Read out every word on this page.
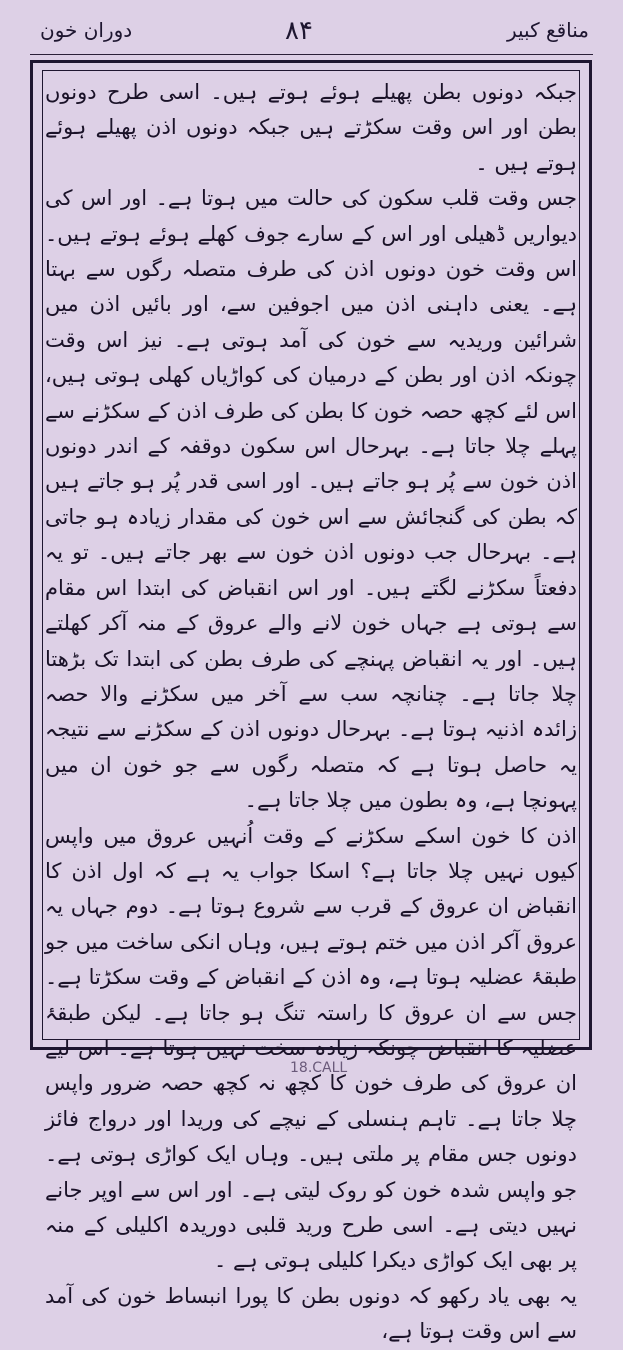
مناقع کبیر
۸۴
دوران خون

جبکہ دونوں بطن پھیلے ہوئے ہوتے ہیں۔ اسی طرح دونوں بطن اور اس وقت سکڑتے ہیں جبکہ دونوں اذن پھیلے ہوئے ہوتے ہیں ۔

جس وقت قلب سکون کی حالت میں ہوتا ہے۔ اور اس کی دیواریں ڈھیلی اور اس کے سارے جوف کھلے ہوئے ہوتے ہیں۔ اس وقت خون دونوں اذن کی طرف متصلہ رگوں سے بہتا ہے۔ یعنی داہنی اذن میں اجوفین سے، اور بائیں اذن میں شرائین وریدیہ سے خون کی آمد ہوتی ہے۔ نیز اس وقت چونکہ اذن اور بطن کے درمیان کی کواڑیاں کھلی ہوتی ہیں، اس لئے کچھ حصہ خون کا بطن کی طرف اذن کے سکڑنے سے پہلے چلا جاتا ہے۔ بہرحال اس سکون دوقفہ کے اندر دونوں اذن خون سے پُر ہو جاتے ہیں۔ اور اسی قدر پُر ہو جاتے ہیں کہ بطن کی گنجائش سے اس خون کی مقدار زیادہ ہو جاتی ہے۔ بہرحال جب دونوں اذن خون سے بھر جاتے ہیں۔ تو یہ دفعتاً سکڑنے لگتے ہیں۔ اور اس انقباض کی ابتدا اس مقام سے ہوتی ہے جہاں خون لانے والے عروق کے منہ آکر کھلتے ہیں۔ اور یہ انقباض پہنچے کی طرف بطن کی ابتدا تک بڑھتا چلا جاتا ہے۔ چنانچہ سب سے آخر میں سکڑنے والا حصہ زائدہ اذنیہ ہوتا ہے۔ بہرحال دونوں اذن کے سکڑنے سے نتیجہ یہ حاصل ہوتا ہے کہ متصلہ رگوں سے جو خون ان میں پہونچا ہے، وہ بطون میں چلا جاتا ہے۔

اذن کا خون اسکے سکڑنے کے وقت اُنہیں عروق میں واپس کیوں نہیں چلا جاتا ہے؟ اسکا جواب یہ ہے کہ اول اذن کا انقباض ان عروق کے قرب سے شروع ہوتا ہے۔ دوم جہاں یہ عروق آکر اذن میں ختم ہوتے ہیں، وہاں انکی ساخت میں جو طبقۂ عضلیہ ہوتا ہے، وہ اذن کے انقباض کے وقت سکڑتا ہے۔ جس سے ان عروق کا راستہ تنگ ہو جاتا ہے۔ لیکن طبقۂ عضلیہ کا انقباض چونکہ زیادہ سخت نہیں ہوتا ہے۔ اس لیے ان عروق کی طرف خون کا کچھ نہ کچھ حصہ ضرور واپس چلا جاتا ہے۔ تاہم ہنسلی کے نیچے کی وریدا اور درواج فائز دونوں جس مقام پر ملتی ہیں۔ وہاں ایک کواڑی ہوتی ہے۔ جو واپس شدہ خون کو روک لیتی ہے۔ اور اس سے اوپر جانے نہیں دیتی ہے۔ اسی طرح ورید قلبی دوریدہ اکلیلی کے منہ پر بھی ایک کواڑی دیکرا کلیلی ہوتی ہے ۔

یہ بھی یاد رکھو کہ دونوں بطن کا پورا انبساط خون کی آمد سے اس وقت ہوتا ہے،

18.CALL
